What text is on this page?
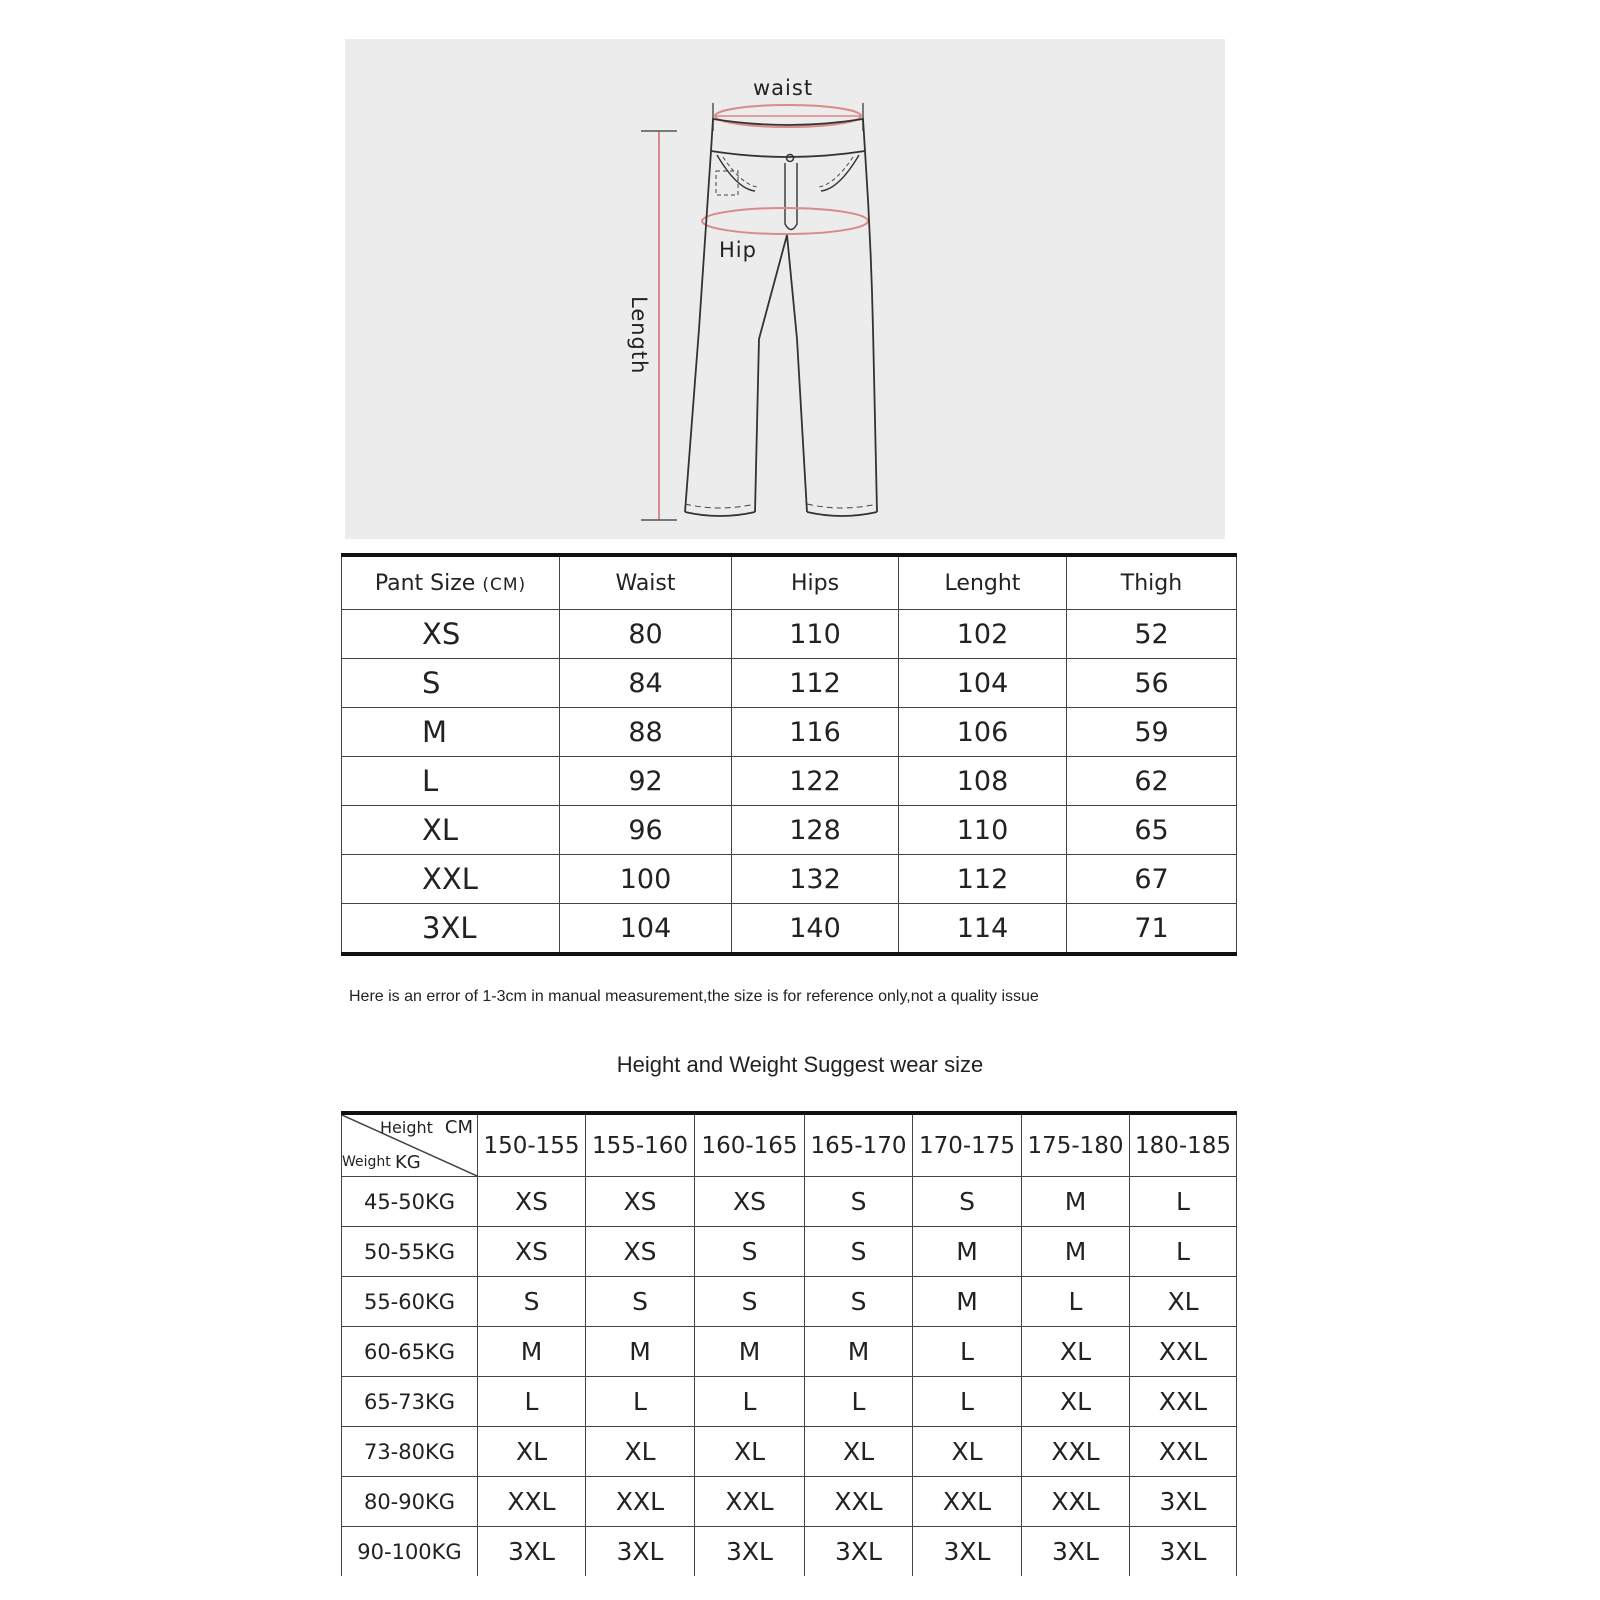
waist
Hip
Length
Pant Size (CM)	Waist	Hips	Lenght	Thigh
XS	80	110	102	52
S	84	112	104	56
M	88	116	106	59
L	92	122	108	62
XL	96	128	110	65
XXL	100	132	112	67
3XL	104	140	114	71
Here is an error of 1-3cm in manual measurement,the size is for reference only,not a quality issue
Height and Weight Suggest wear size
Height CM
Weight KG	150-155	155-160	160-165	165-170	170-175	175-180	180-185
45-50KG	XS	XS	XS	S	S	M	L
50-55KG	XS	XS	S	S	M	M	L
55-60KG	S	S	S	S	M	L	XL
60-65KG	M	M	M	M	L	XL	XXL
65-73KG	L	L	L	L	L	XL	XXL
73-80KG	XL	XL	XL	XL	XL	XXL	XXL
80-90KG	XXL	XXL	XXL	XXL	XXL	XXL	3XL
90-100KG	3XL	3XL	3XL	3XL	3XL	3XL	3XL
